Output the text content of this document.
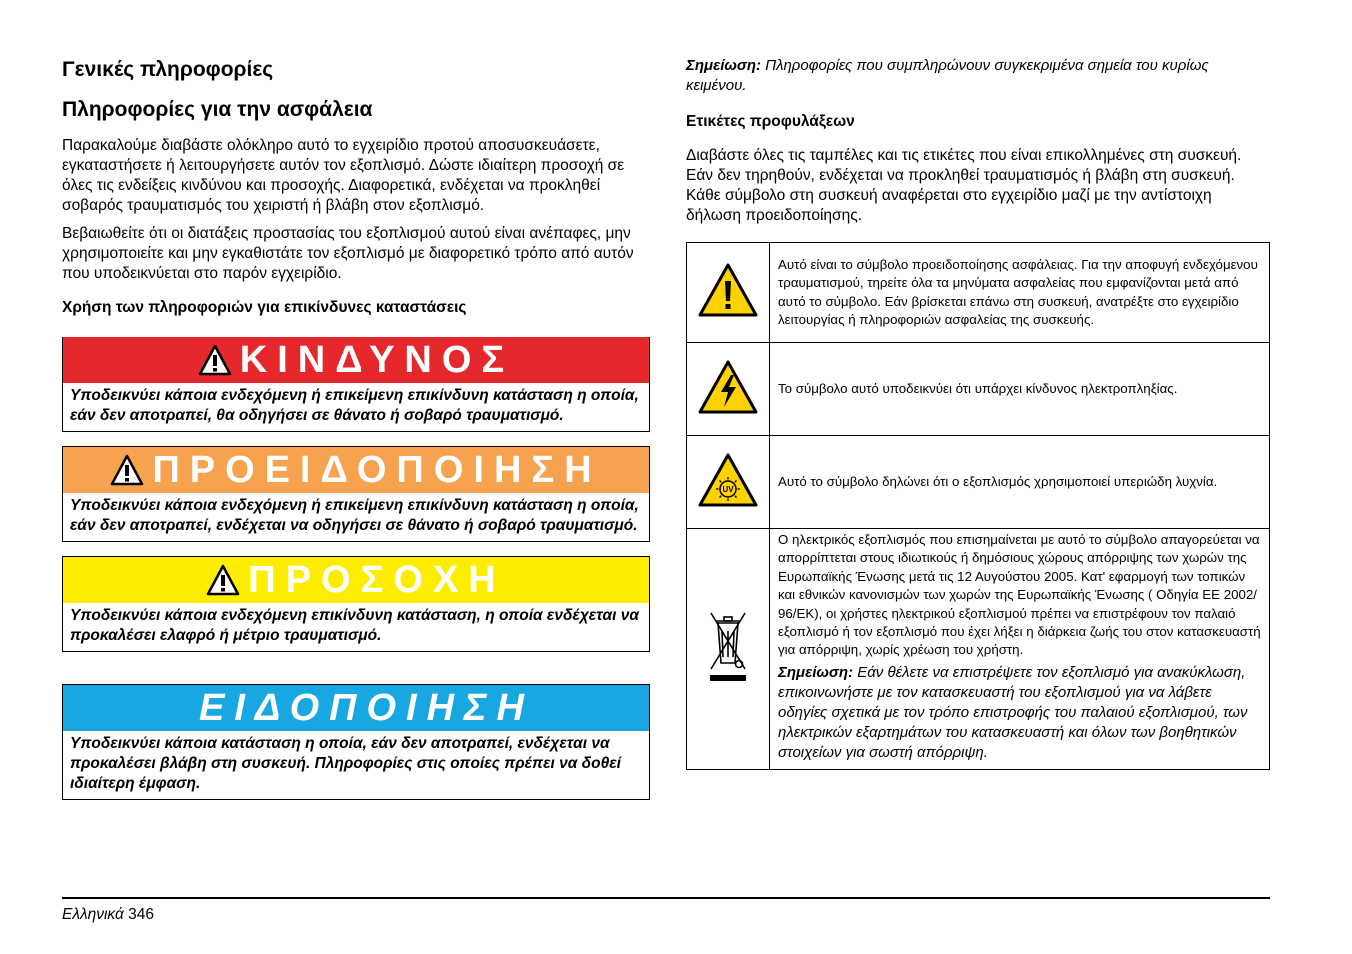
Γενικές πληροφορίες
Πληροφορίες για την ασφάλεια

Παρακαλούμε διαβάστε ολόκληρο αυτό το εγχειρίδιο προτού αποσυσκευάσετε, εγκαταστήσετε ή λειτουργήσετε αυτόν τον εξοπλισμό. Δώστε ιδιαίτερη προσοχή σε όλες τις ενδείξεις κινδύνου και προσοχής. Διαφορετικά, ενδέχεται να προκληθεί σοβαρός τραυματισμός του χειριστή ή βλάβη στον εξοπλισμό.

Βεβαιωθείτε ότι οι διατάξεις προστασίας του εξοπλισμού αυτού είναι ανέπαφες, μην χρησιμοποιείτε και μην εγκαθιστάτε τον εξοπλισμό με διαφορετικό τρόπο από αυτόν που υποδεικνύεται στο παρόν εγχειρίδιο.

Χρήση των πληροφοριών για επικίνδυνες καταστάσεις
ΚΙΝΔΥΝΟΣ
Υποδεικνύει κάποια ενδεχόμενη ή επικείμενη επικίνδυνη κατάσταση η οποία, εάν δεν αποτραπεί, θα οδηγήσει σε θάνατο ή σοβαρό τραυματισμό.
ΠΡΟΕΙΔΟΠΟΙΗΣΗ
Υποδεικνύει κάποια ενδεχόμενη ή επικείμενη επικίνδυνη κατάσταση η οποία, εάν δεν αποτραπεί, ενδέχεται να οδηγήσει σε θάνατο ή σοβαρό τραυματισμό.
ΠΡΟΣΟΧΗ
Υποδεικνύει κάποια ενδεχόμενη επικίνδυνη κατάσταση, η οποία ενδέχεται να προκαλέσει ελαφρό ή μέτριο τραυματισμό.
ΕΙΔΟΠΟΙΗΣΗ
Υποδεικνύει κάποια κατάσταση η οποία, εάν δεν αποτραπεί, ενδέχεται να προκαλέσει βλάβη στη συσκευή. Πληροφορίες στις οποίες πρέπει να δοθεί ιδιαίτερη έμφαση.

Σημείωση: Πληροφορίες που συμπληρώνουν συγκεκριμένα σημεία του κυρίως κειμένου.

Ετικέτες προφυλάξεων

Διαβάστε όλες τις ταμπέλες και τις ετικέτες που είναι επικολλημένες στη συσκευή. Εάν δεν τηρηθούν, ενδέχεται να προκληθεί τραυματισμός ή βλάβη στη συσκευή. Κάθε σύμβολο στη συσκευή αναφέρεται στο εγχειρίδιο μαζί με την αντίστοιχη δήλωση προειδοποίησης.

	Αυτό είναι το σύμβολο προειδοποίησης ασφάλειας. Για την αποφυγή ενδεχόμενου τραυματισμού, τηρείτε όλα τα μηνύματα ασφαλείας που εμφανίζονται μετά από αυτό το σύμβολο. Εάν βρίσκεται επάνω στη συσκευή, ανατρέξτε στο εγχειρίδιο λειτουργίας ή πληροφοριών ασφαλείας της συσκευής.
	Το σύμβολο αυτό υποδεικνύει ότι υπάρχει κίνδυνος ηλεκτροπληξίας.

UV	Αυτό το σύμβολο δηλώνει ότι ο εξοπλισμός χρησιμοποιεί υπεριώδη λυχνία.

Ο ηλεκτρικός εξοπλισμός που επισημαίνεται με αυτό το σύμβολο απαγορεύεται να απορρίπτεται στους ιδιωτικούς ή δημόσιους χώρους απόρριψης των χωρών της Ευρωπαϊκής Ένωσης μετά τις 12 Αυγούστου 2005. Κατ' εφαρμογή των τοπικών και εθνικών κανονισμών των χωρών της Ευρωπαϊκής Ένωσης ( Οδηγία ΕΕ 2002/ 96/ΕΚ), οι χρήστες ηλεκτρικού εξοπλισμού πρέπει να επιστρέφουν τον παλαιό εξοπλισμό ή τον εξοπλισμό που έχει λήξει η διάρκεια ζωής του στον κατασκευαστή για απόρριψη, χωρίς χρέωση του χρήστη.
Σημείωση: Εάν θέλετε να επιστρέψετε τον εξοπλισμό για ανακύκλωση, επικοινωνήστε με τον κατασκευαστή του εξοπλισμού για να λάβετε οδηγίες σχετικά με τον τρόπο επιστροφής του παλαιού εξοπλισμού, των ηλεκτρικών εξαρτημάτων του κατασκευαστή και όλων των βοηθητικών στοιχείων για σωστή απόρριψη.
Ελληνικά 346
